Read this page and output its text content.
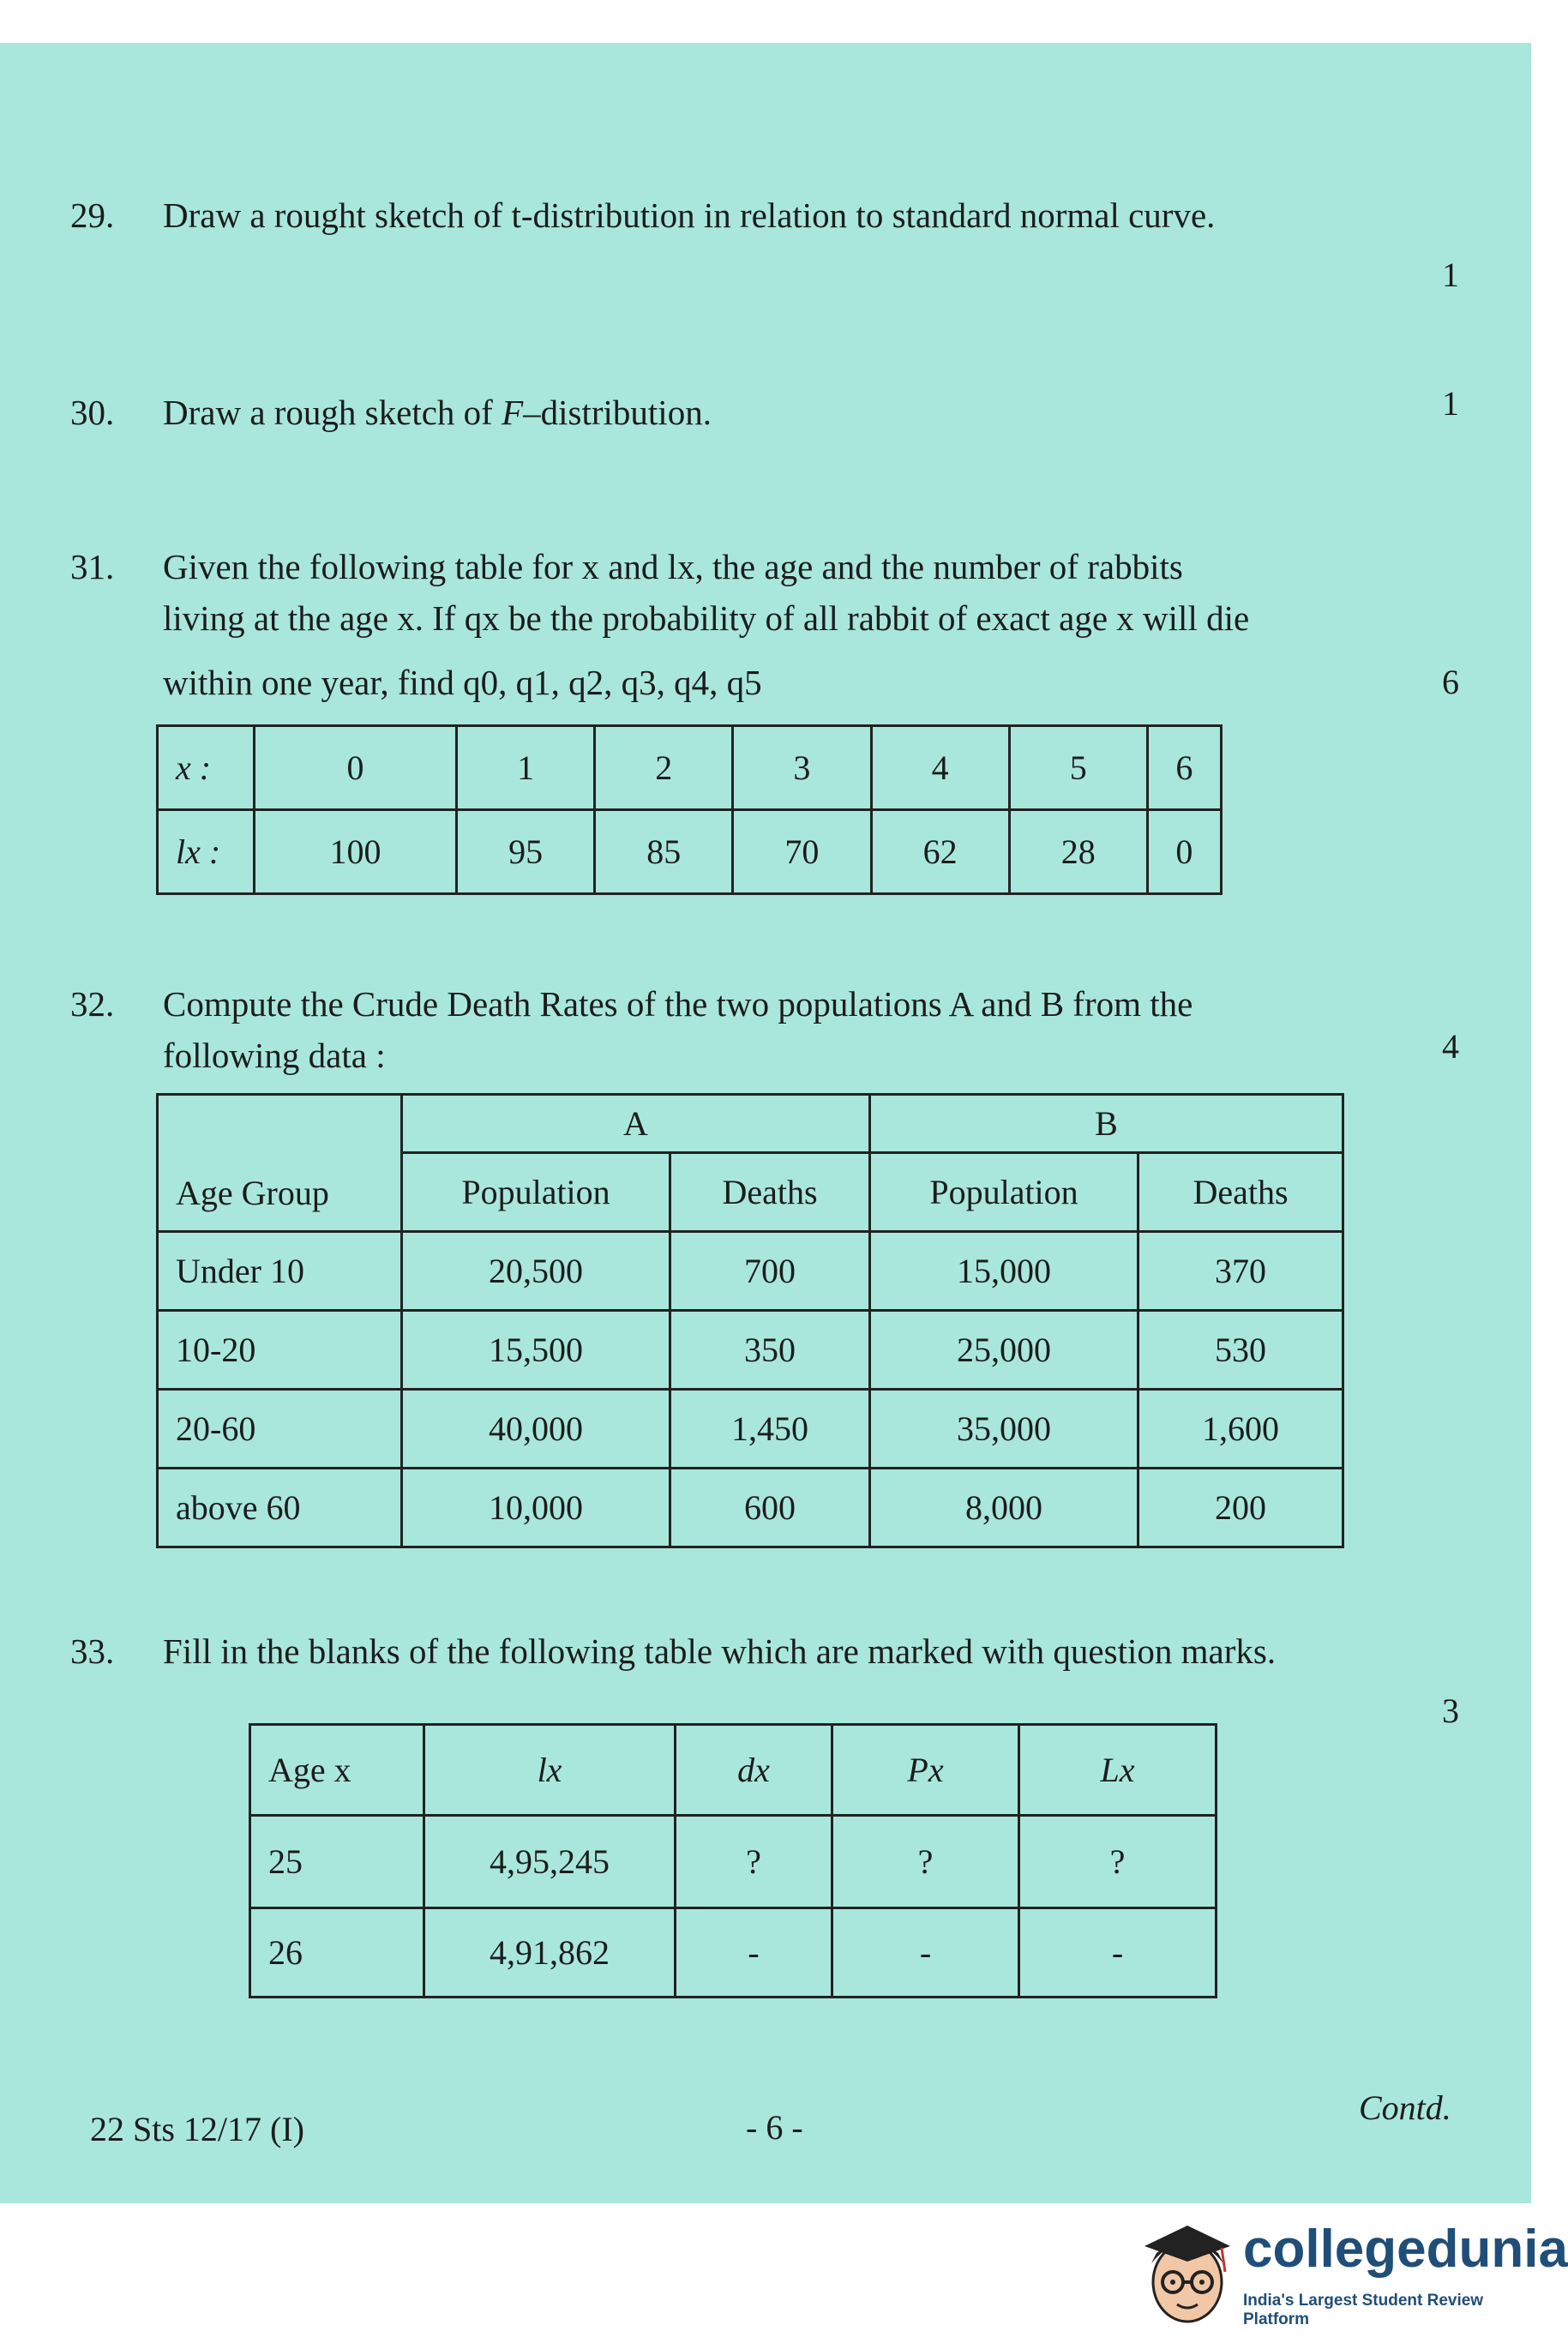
29.	Draw a rought sketch of t-distribution in relation to standard normal curve.
1
30.	Draw a rough sketch of F–distribution.	1
31.	Given the following table for x and lx, the age and the number of rabbits
living at the age x. If qx be the probability of all rabbit of exact age x will die
within one year, find q0, q1, q2, q3, q4, q5	6
x :	0	1	2	3	4	5	6
lx :	100	95	85	70	62	28	0
32.	Compute the Crude Death Rates of the two populations A and B from the
following data :	4
Age Group	A		B	
	Population	Deaths	Population	Deaths
Under 10	20,500	700	15,000	370
10-20	15,500	350	25,000	530
20-60	40,000	1,450	35,000	1,600
above 60	10,000	600	8,000	200
33.	Fill in the blanks of the following table which are marked with question marks.
3
Age x	lx	dx	Px	Lx
25	4,95,245	?	?	?
26	4,91,862	-	-	-
22 Sts 12/17 (I)	- 6 -
Contd.
collegedunia
India's Largest Student Review Platform
